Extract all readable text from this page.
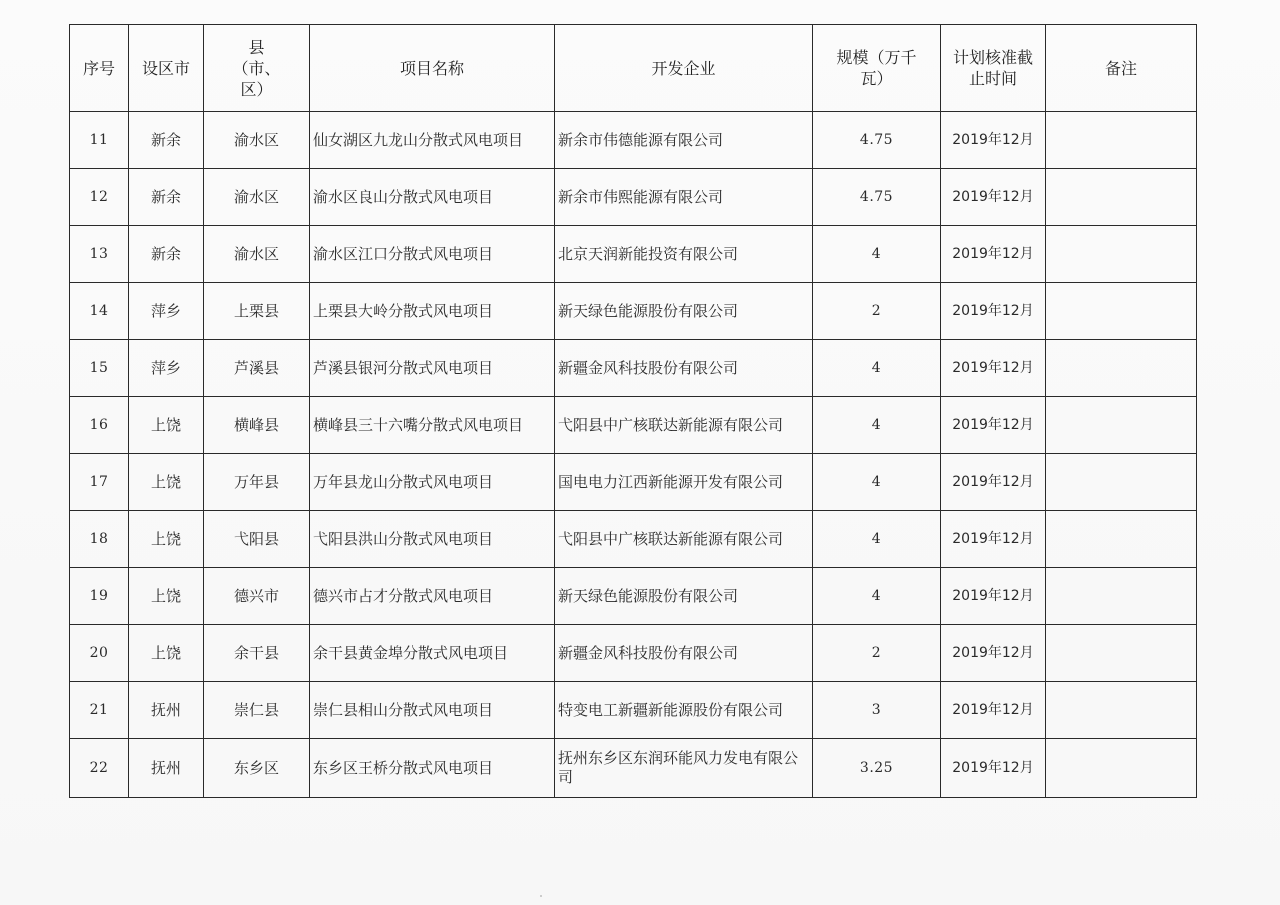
序号	设区市	县（市、区）	项目名称	开发企业	规模（万千瓦）	计划核准截止时间	备注
11	新余	渝水区	仙女湖区九龙山分散式风电项目	新余市伟德能源有限公司	4.75	2019年12月	
12	新余	渝水区	渝水区良山分散式风电项目	新余市伟熙能源有限公司	4.75	2019年12月	
13	新余	渝水区	渝水区江口分散式风电项目	北京天润新能投资有限公司	4	2019年12月	
14	萍乡	上栗县	上栗县大岭分散式风电项目	新天绿色能源股份有限公司	2	2019年12月	
15	萍乡	芦溪县	芦溪县银河分散式风电项目	新疆金风科技股份有限公司	4	2019年12月	
16	上饶	横峰县	横峰县三十六嘴分散式风电项目	弋阳县中广核联达新能源有限公司	4	2019年12月	
17	上饶	万年县	万年县龙山分散式风电项目	国电电力江西新能源开发有限公司	4	2019年12月	
18	上饶	弋阳县	弋阳县洪山分散式风电项目	弋阳县中广核联达新能源有限公司	4	2019年12月	
19	上饶	德兴市	德兴市占才分散式风电项目	新天绿色能源股份有限公司	4	2019年12月	
20	上饶	余干县	余干县黄金埠分散式风电项目	新疆金风科技股份有限公司	2	2019年12月	
21	抚州	崇仁县	崇仁县相山分散式风电项目	特变电工新疆新能源股份有限公司	3	2019年12月	
22	抚州	东乡区	东乡区王桥分散式风电项目	抚州东乡区东润环能风力发电有限公司	3.25	2019年12月	
